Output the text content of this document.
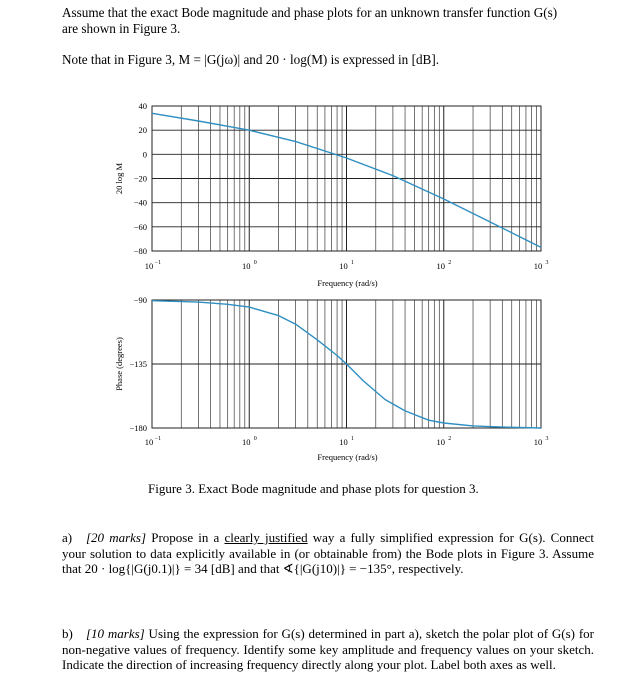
Assume that the exact Bode magnitude and phase plots for an unknown transfer function G(s)
are shown in Figure 3.

Note that in Figure 3, M = |G(jω)| and 20 · log(M) is expressed in [dB].

40
20
0
−20
−40
−60
−80
10 −1	10 0	10 1	10 2	10 3
Frequency (rad/s)
20 log M
−90
−135
−180
10 −1	10 0	10 1	10 2	10 3
Frequency (rad/s)
Phase (degrees)
Figure 3. Exact Bode magnitude and phase plots for question 3.
a) [20 marks] Propose in a clearly justified way a fully simplified expression for G(s). Connect your solution to data explicitly available in (or obtainable from) the Bode plots in Figure 3. Assume that 20 · log{|G(j0.1)|} = 34 [dB] and that ∢{|G(j10)|} = −135°, respectively.
b) [10 marks] Using the expression for G(s) determined in part a), sketch the polar plot of G(s) for non-negative values of frequency. Identify some key amplitude and frequency values on your sketch. Indicate the direction of increasing frequency directly along your plot. Label both axes as well.
